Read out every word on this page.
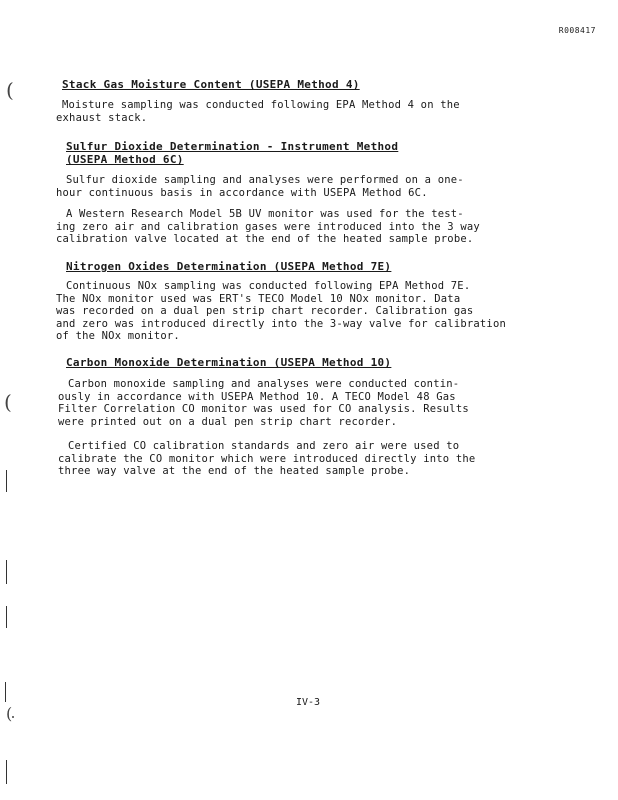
R008417
Stack Gas Moisture Content (USEPA Method 4)
Moisture sampling was conducted following EPA Method 4 on the
exhaust stack.
Sulfur Dioxide Determination - Instrument Method
(USEPA Method 6C)
Sulfur dioxide sampling and analyses were performed on a one-
hour continuous basis in accordance with USEPA Method 6C.
A Western Research Model 5B UV monitor was used for the test-
ing zero air and calibration gases were introduced into the 3 way
calibration valve located at the end of the heated sample probe.
Nitrogen Oxides Determination (USEPA Method 7E)
Continuous NOx sampling was conducted following EPA Method 7E.
The NOx monitor used was ERT's TECO Model 10 NOx monitor. Data
was recorded on a dual pen strip chart recorder. Calibration gas
and zero was introduced directly into the 3-way valve for calibration
of the NOx monitor.
Carbon Monoxide Determination (USEPA Method 10)
Carbon monoxide sampling and analyses were conducted contin-
ously in accordance with USEPA Method 10. A TECO Model 48 Gas
Filter Correlation CO monitor was used for CO analysis. Results
were printed out on a dual pen strip chart recorder.
Certified CO calibration standards and zero air were used to
calibrate the CO monitor which were introduced directly into the
three way valve at the end of the heated sample probe.
IV-3
(
(
(
